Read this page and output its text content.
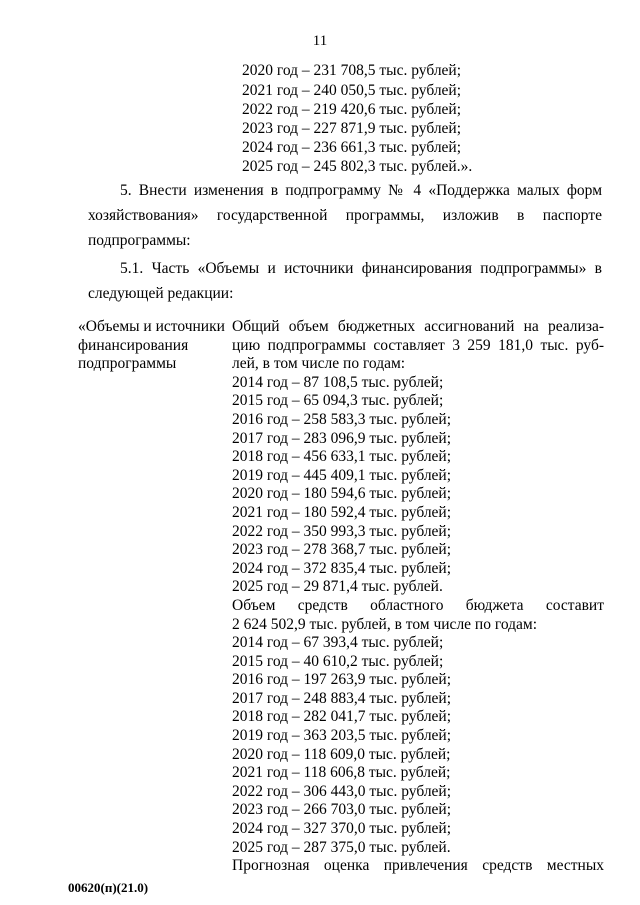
11
2020 год – 231 708,5 тыс. рублей;
2021 год – 240 050,5 тыс. рублей;
2022 год – 219 420,6 тыс. рублей;
2023 год – 227 871,9 тыс. рублей;
2024 год – 236 661,3 тыс. рублей;
2025 год – 245 802,3 тыс. рублей.».
5. Внести изменения в подпрограмму № 4 «Поддержка малых форм хозяйствования» государственной программы, изложив в паспорте подпрограммы:
5.1. Часть «Объемы и источники финансирования подпрограммы» в следующей редакции:
«Объемы и источники финансирования подпрограммы
Общий объем бюджетных ассигнований на реализа-
цию подпрограммы составляет 3 259 181,0 тыс. руб-
лей, в том числе по годам:
2014 год – 87 108,5 тыс. рублей;
2015 год – 65 094,3 тыс. рублей;
2016 год – 258 583,3 тыс. рублей;
2017 год – 283 096,9 тыс. рублей;
2018 год – 456 633,1 тыс. рублей;
2019 год – 445 409,1 тыс. рублей;
2020 год – 180 594,6 тыс. рублей;
2021 год – 180 592,4 тыс. рублей;
2022 год – 350 993,3 тыс. рублей;
2023 год – 278 368,7 тыс. рублей;
2024 год – 372 835,4 тыс. рублей;
2025 год – 29 871,4 тыс. рублей.
Объем средств областного бюджета составит
2 624 502,9 тыс. рублей, в том числе по годам:
2014 год – 67 393,4 тыс. рублей;
2015 год – 40 610,2 тыс. рублей;
2016 год – 197 263,9 тыс. рублей;
2017 год – 248 883,4 тыс. рублей;
2018 год – 282 041,7 тыс. рублей;
2019 год – 363 203,5 тыс. рублей;
2020 год – 118 609,0 тыс. рублей;
2021 год – 118 606,8 тыс. рублей;
2022 год – 306 443,0 тыс. рублей;
2023 год – 266 703,0 тыс. рублей;
2024 год – 327 370,0 тыс. рублей;
2025 год – 287 375,0 тыс. рублей.
Прогнозная оценка привлечения средств местных
00620(п)(21.0)
